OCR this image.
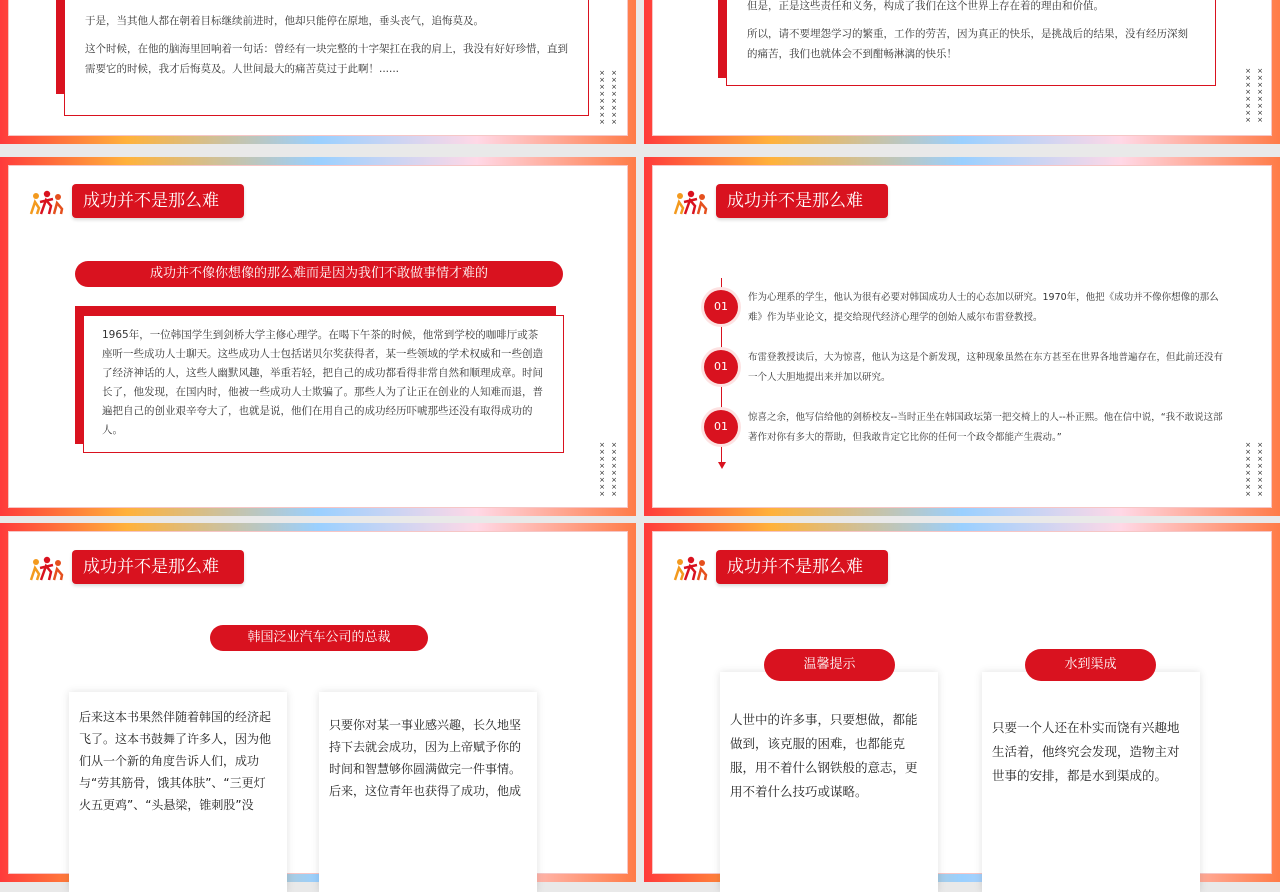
于是，当其他人都在朝着目标继续前进时，他却只能停在原地，垂头丧气，追悔莫及。

这个时候，在他的脑海里回响着一句话：曾经有一块完整的十字架扛在我的肩上，我没有好好珍惜，直到需要它的时候，我才后悔莫及。人世间最大的痛苦莫过于此啊！......	× ×
× ×
× ×
× ×
× ×
× ×
× ×
× ×

但是，正是这些责任和义务，构成了我们在这个世界上存在着的理由和价值。

所以，请不要埋怨学习的繁重，工作的劳苦，因为真正的快乐，是挑战后的结果，没有经历深刻的痛苦，我们也就体会不到酣畅淋漓的快乐！

× ×
× ×
× ×
× ×
× ×
× ×
× ×
× ×
成功并不是那么难
成功并不像你想像的那么难而是因为我们不敢做事情才难的

1965年，一位韩国学生到剑桥大学主修心理学。在喝下午茶的时候，他常到学校的咖啡厅或茶座听一些成功人士聊天。这些成功人士包括诺贝尔奖获得者，某一些领域的学术权威和一些创造了经济神话的人，这些人幽默风趣，举重若轻，把自己的成功都看得非常自然和顺理成章。时间长了，他发现，在国内时，他被一些成功人士欺骗了。那些人为了让正在创业的人知难而退，普遍把自己的创业艰辛夸大了，也就是说，他们在用自己的成功经历吓唬那些还没有取得成功的人。

× ×
× ×
× ×
× ×
× ×
× ×
× ×
× ×
成功并不是那么难
01
作为心理系的学生，他认为很有必要对韩国成功人士的心态加以研究。1970年，他把《成功并不像你想像的那么难》作为毕业论文，提交给现代经济心理学的创始人威尔布雷登教授。
01
布雷登教授读后，大为惊喜，他认为这是个新发现，这种现象虽然在东方甚至在世界各地普遍存在，但此前还没有一个人大胆地提出来并加以研究。
01
惊喜之余，他写信给他的剑桥校友--当时正坐在韩国政坛第一把交椅上的人--朴正熙。他在信中说，“我不敢说这部著作对你有多大的帮助，但我敢肯定它比你的任何一个政令都能产生震动。”
× ×
× ×
× ×
× ×
× ×
× ×
× ×
× ×
成功并不是那么难
韩国泛业汽车公司的总裁

后来这本书果然伴随着韩国的经济起飞了。这本书鼓舞了许多人，因为他们从一个新的角度告诉人们，成功与“劳其筋骨，饿其体肤”、“三更灯火五更鸡”、“头悬梁，锥刺股”没

只要你对某一事业感兴趣，长久地坚持下去就会成功，因为上帝赋予你的时间和智慧够你圆满做完一件事情。后来，这位青年也获得了成功，他成

成功并不是那么难

人世中的许多事，只要想做，都能做到，该克服的困难，也都能克服，用不着什么钢铁般的意志，更用不着什么技巧或谋略。

温馨提示

只要一个人还在朴实而饶有兴趣地生活着，他终究会发现，造物主对世事的安排，都是水到渠成的。

水到渠成
